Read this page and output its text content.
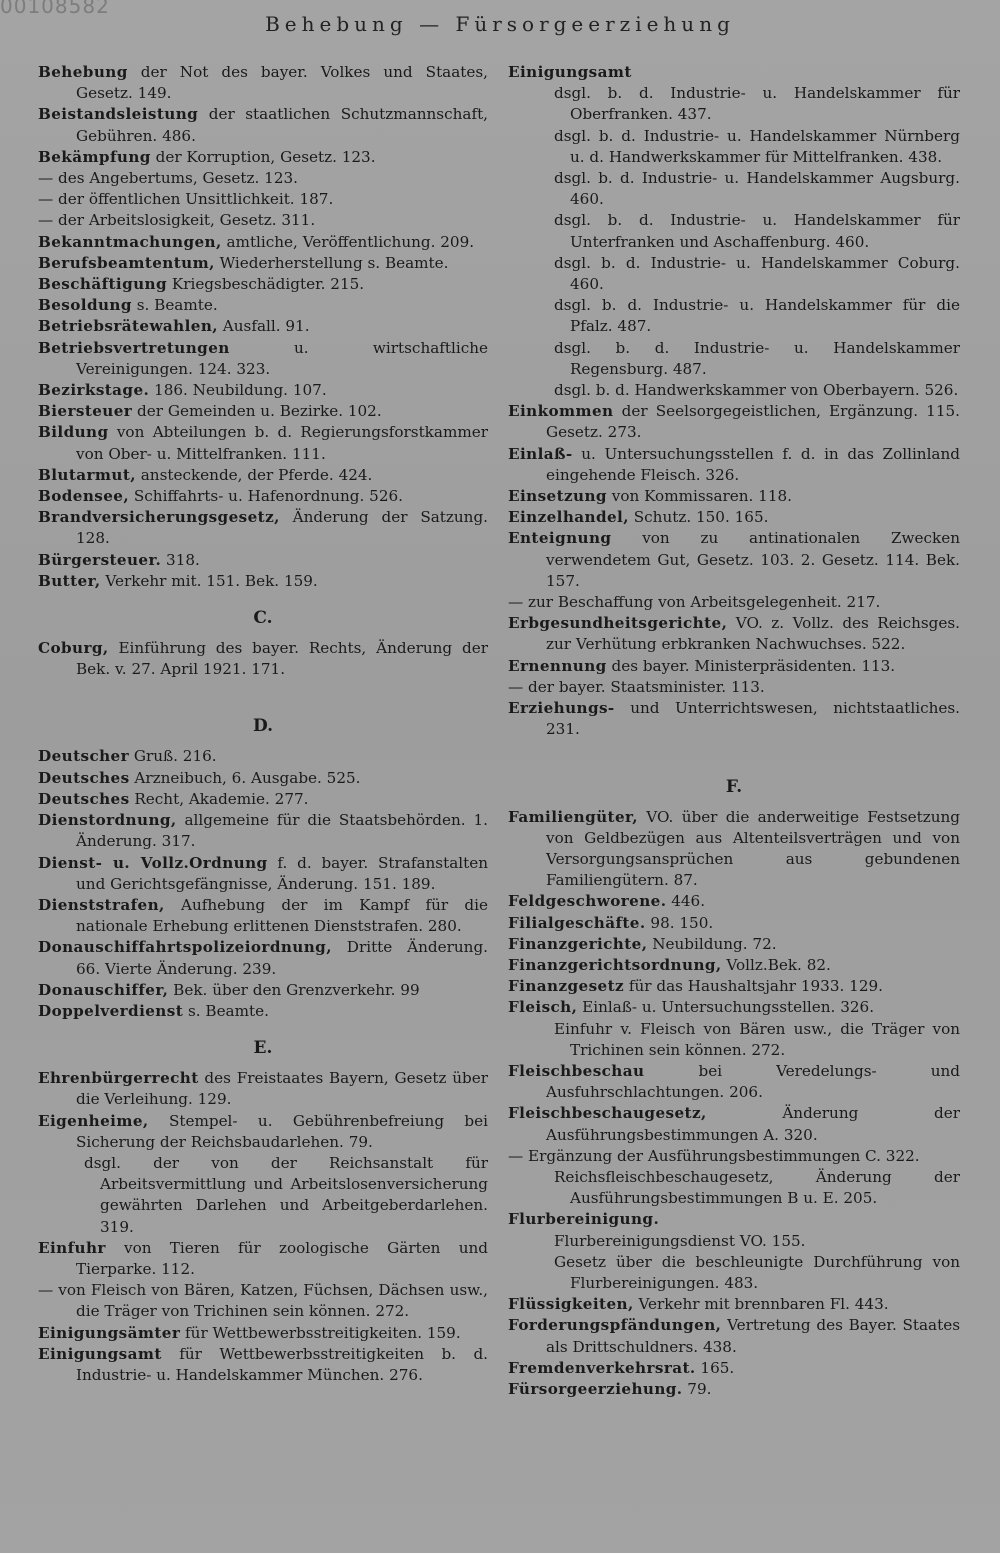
00108582
Behebung — Fürsorgeerziehung
Behebung der Not des bayer. Volkes und Staates, Gesetz. 149.
Beistandsleistung der staatlichen Schutzmannschaft, Gebühren. 486.
Bekämpfung der Korruption, Gesetz. 123.
— des Angebertums, Gesetz. 123.
— der öffentlichen Unsittlichkeit. 187.
— der Arbeitslosigkeit, Gesetz. 311.
Bekanntmachungen, amtliche, Veröffentlichung. 209.
Berufsbeamtentum, Wiederherstellung s. Beamte.
Beschäftigung Kriegsbeschädigter. 215.
Besoldung s. Beamte.
Betriebsrätewahlen, Ausfall. 91.
Betriebsvertretungen u. wirtschaftliche Vereinigungen. 124. 323.
Bezirkstage. 186. Neubildung. 107.
Biersteuer der Gemeinden u. Bezirke. 102.
Bildung von Abteilungen b. d. Regierungsforstkammer von Ober- u. Mittelfranken. 111.
Blutarmut, ansteckende, der Pferde. 424.
Bodensee, Schiffahrts- u. Hafenordnung. 526.
Brandversicherungsgesetz, Änderung der Satzung. 128.
Bürgersteuer. 318.
Butter, Verkehr mit. 151. Bek. 159.
C.
Coburg, Einführung des bayer. Rechts, Änderung der Bek. v. 27. April 1921. 171.
D.
Deutscher Gruß. 216.
Deutsches Arzneibuch, 6. Ausgabe. 525.
Deutsches Recht, Akademie. 277.
Dienstordnung, allgemeine für die Staatsbehörden. 1. Änderung. 317.
Dienst- u. Vollz.Ordnung f. d. bayer. Strafanstalten und Gerichtsgefängnisse, Änderung. 151. 189.
Dienststrafen, Aufhebung der im Kampf für die nationale Erhebung erlittenen Dienststrafen. 280.
Donauschiffahrtspolizeiordnung, Dritte Änderung. 66. Vierte Änderung. 239.
Donauschiffer, Bek. über den Grenzverkehr. 99
Doppelverdienst s. Beamte.
E.
Ehrenbürgerrecht des Freistaates Bayern, Gesetz über die Verleihung. 129.
Eigenheime, Stempel- u. Gebührenbefreiung bei Sicherung der Reichsbaudarlehen. 79.
dsgl. der von der Reichsanstalt für Arbeitsvermittlung und Arbeitslosenversicherung gewährten Darlehen und Arbeitgeberdarlehen. 319.
Einfuhr von Tieren für zoologische Gärten und Tierparke. 112.
— von Fleisch von Bären, Katzen, Füchsen, Dächsen usw., die Träger von Trichinen sein können. 272.
Einigungsämter für Wettbewerbsstreitigkeiten. 159.
Einigungsamt für Wettbewerbsstreitigkeiten b. d. Industrie- u. Handelskammer München. 276.
Einigungsamt
dsgl. b. d. Industrie- u. Handelskammer für Oberfranken. 437.
dsgl. b. d. Industrie- u. Handelskammer Nürnberg u. d. Handwerkskammer für Mittelfranken. 438.
dsgl. b. d. Industrie- u. Handelskammer Augsburg. 460.
dsgl. b. d. Industrie- u. Handelskammer für Unterfranken und Aschaffenburg. 460.
dsgl. b. d. Industrie- u. Handelskammer Coburg. 460.
dsgl. b. d. Industrie- u. Handelskammer für die Pfalz. 487.
dsgl. b. d. Industrie- u. Handelskammer Regensburg. 487.
dsgl. b. d. Handwerkskammer von Oberbayern. 526.
Einkommen der Seelsorgegeistlichen, Ergänzung. 115. Gesetz. 273.
Einlaß- u. Untersuchungsstellen f. d. in das Zollinland eingehende Fleisch. 326.
Einsetzung von Kommissaren. 118.
Einzelhandel, Schutz. 150. 165.
Enteignung von zu antinationalen Zwecken verwendetem Gut, Gesetz. 103. 2. Gesetz. 114. Bek. 157.
— zur Beschaffung von Arbeitsgelegenheit. 217.
Erbgesundheitsgerichte, VO. z. Vollz. des Reichsges. zur Verhütung erbkranken Nachwuchses. 522.
Ernennung des bayer. Ministerpräsidenten. 113.
— der bayer. Staatsminister. 113.
Erziehungs- und Unterrichtswesen, nichtstaatliches. 231.
F.
Familiengüter, VO. über die anderweitige Festsetzung von Geldbezügen aus Altenteilsverträgen und von Versorgungsansprüchen aus gebundenen Familiengütern. 87.
Feldgeschworene. 446.
Filialgeschäfte. 98. 150.
Finanzgerichte, Neubildung. 72.
Finanzgerichtsordnung, Vollz.Bek. 82.
Finanzgesetz für das Haushaltsjahr 1933. 129.
Fleisch, Einlaß- u. Untersuchungsstellen. 326.
Einfuhr v. Fleisch von Bären usw., die Träger von Trichinen sein können. 272.
Fleischbeschau bei Veredelungs- und Ausfuhrschlachtungen. 206.
Fleischbeschaugesetz, Änderung der Ausführungsbestimmungen A. 320.
— Ergänzung der Ausführungsbestimmungen C. 322.
Reichsfleischbeschaugesetz, Änderung der Ausführungsbestimmungen B u. E. 205.
Flurbereinigung.
Flurbereinigungsdienst VO. 155.
Gesetz über die beschleunigte Durchführung von Flurbereinigungen. 483.
Flüssigkeiten, Verkehr mit brennbaren Fl. 443.
Forderungspfändungen, Vertretung des Bayer. Staates als Drittschuldners. 438.
Fremdenverkehrsrat. 165.
Fürsorgeerziehung. 79.
